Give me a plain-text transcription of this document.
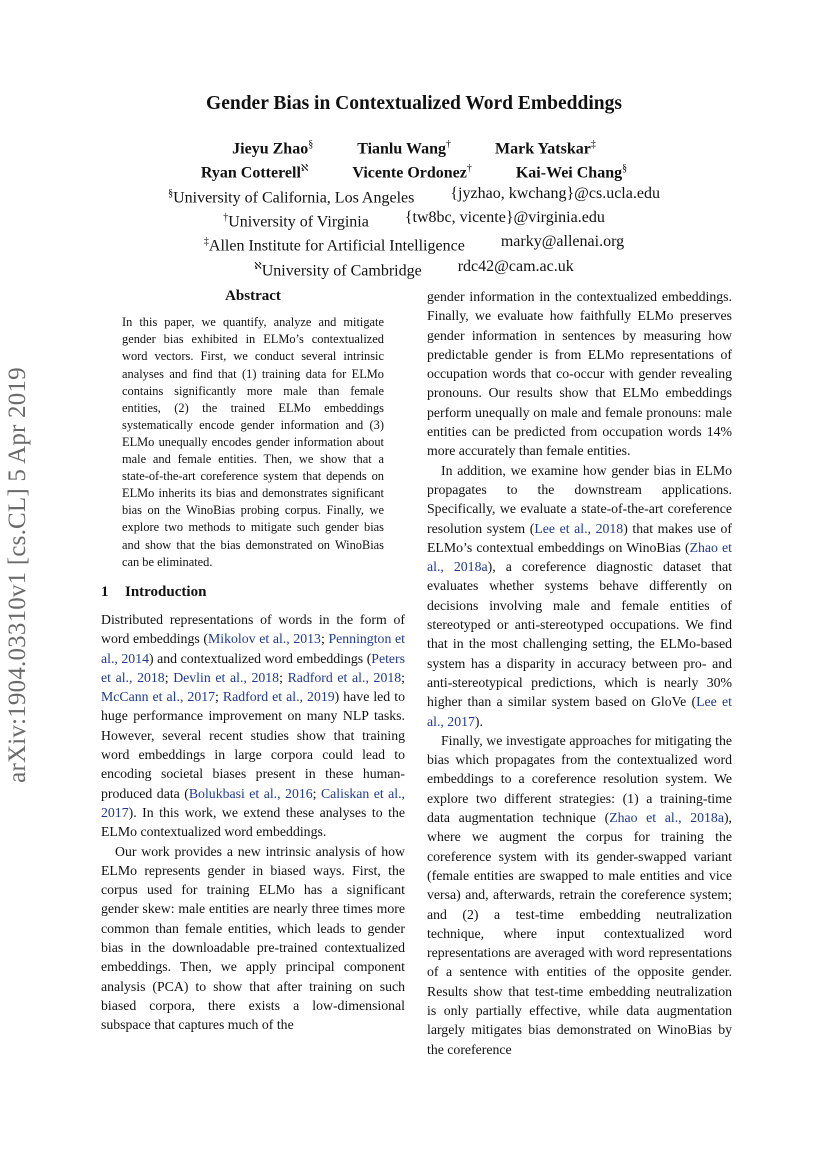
arXiv:1904.03310v1 [cs.CL] 5 Apr 2019
Gender Bias in Contextualized Word Embeddings
Jieyu Zhao§	Tianlu Wang†	Mark Yatskar‡
Ryan Cotterell$^ℵ$	Vicente Ordonez†	Kai-Wei Chang§
§University of California, Los Angeles {jyzhao, kwchang}@cs.ucla.edu
†University of Virginia {tw8bc, vicente}@virginia.edu
‡Allen Institute for Artificial Intelligence marky@allenai.org
$^ℵ$University of Cambridge rdc42@cam.ac.uk
Abstract

In this paper, we quantify, analyze and mitigate gender bias exhibited in ELMo’s contextualized word vectors. First, we conduct several intrinsic analyses and find that (1) training data for ELMo contains significantly more male than female entities, (2) the trained ELMo embeddings systematically encode gender information and (3) ELMo unequally encodes gender information about male and female entities. Then, we show that a state-of-the-art coreference system that depends on ELMo inherits its bias and demonstrates significant bias on the WinoBias probing corpus. Finally, we explore two methods to mitigate such gender bias and show that the bias demonstrated on WinoBias can be eliminated.

1 Introduction

Distributed representations of words in the form of word embeddings (Mikolov et al., 2013; Pennington et al., 2014) and contextualized word embeddings (Peters et al., 2018; Devlin et al., 2018; Radford et al., 2018; McCann et al., 2017; Radford et al., 2019) have led to huge performance improvement on many NLP tasks. However, several recent studies show that training word embeddings in large corpora could lead to encoding societal biases present in these human-produced data (Bolukbasi et al., 2016; Caliskan et al., 2017). In this work, we extend these analyses to the ELMo contextualized word embeddings.

Our work provides a new intrinsic analysis of how ELMo represents gender in biased ways. First, the corpus used for training ELMo has a significant gender skew: male entities are nearly three times more common than female entities, which leads to gender bias in the downloadable pre-trained contextualized embeddings. Then, we apply principal component analysis (PCA) to show that after training on such biased corpora, there exists a low-dimensional subspace that captures much of the

gender information in the contextualized embeddings. Finally, we evaluate how faithfully ELMo preserves gender information in sentences by measuring how predictable gender is from ELMo representations of occupation words that co-occur with gender revealing pronouns. Our results show that ELMo embeddings perform unequally on male and female pronouns: male entities can be predicted from occupation words 14% more accurately than female entities.

In addition, we examine how gender bias in ELMo propagates to the downstream applications. Specifically, we evaluate a state-of-the-art coreference resolution system (Lee et al., 2018) that makes use of ELMo’s contextual embeddings on WinoBias (Zhao et al., 2018a), a coreference diagnostic dataset that evaluates whether systems behave differently on decisions involving male and female entities of stereotyped or anti-stereotyped occupations. We find that in the most challenging setting, the ELMo-based system has a disparity in accuracy between pro- and anti-stereotypical predictions, which is nearly 30% higher than a similar system based on GloVe (Lee et al., 2017).

Finally, we investigate approaches for mitigating the bias which propagates from the contextualized word embeddings to a coreference resolution system. We explore two different strategies: (1) a training-time data augmentation technique (Zhao et al., 2018a), where we augment the corpus for training the coreference system with its gender-swapped variant (female entities are swapped to male entities and vice versa) and, afterwards, retrain the coreference system; and (2) a test-time embedding neutralization technique, where input contextualized word representations are averaged with word representations of a sentence with entities of the opposite gender. Results show that test-time embedding neutralization is only partially effective, while data augmentation largely mitigates bias demonstrated on WinoBias by the coreference
